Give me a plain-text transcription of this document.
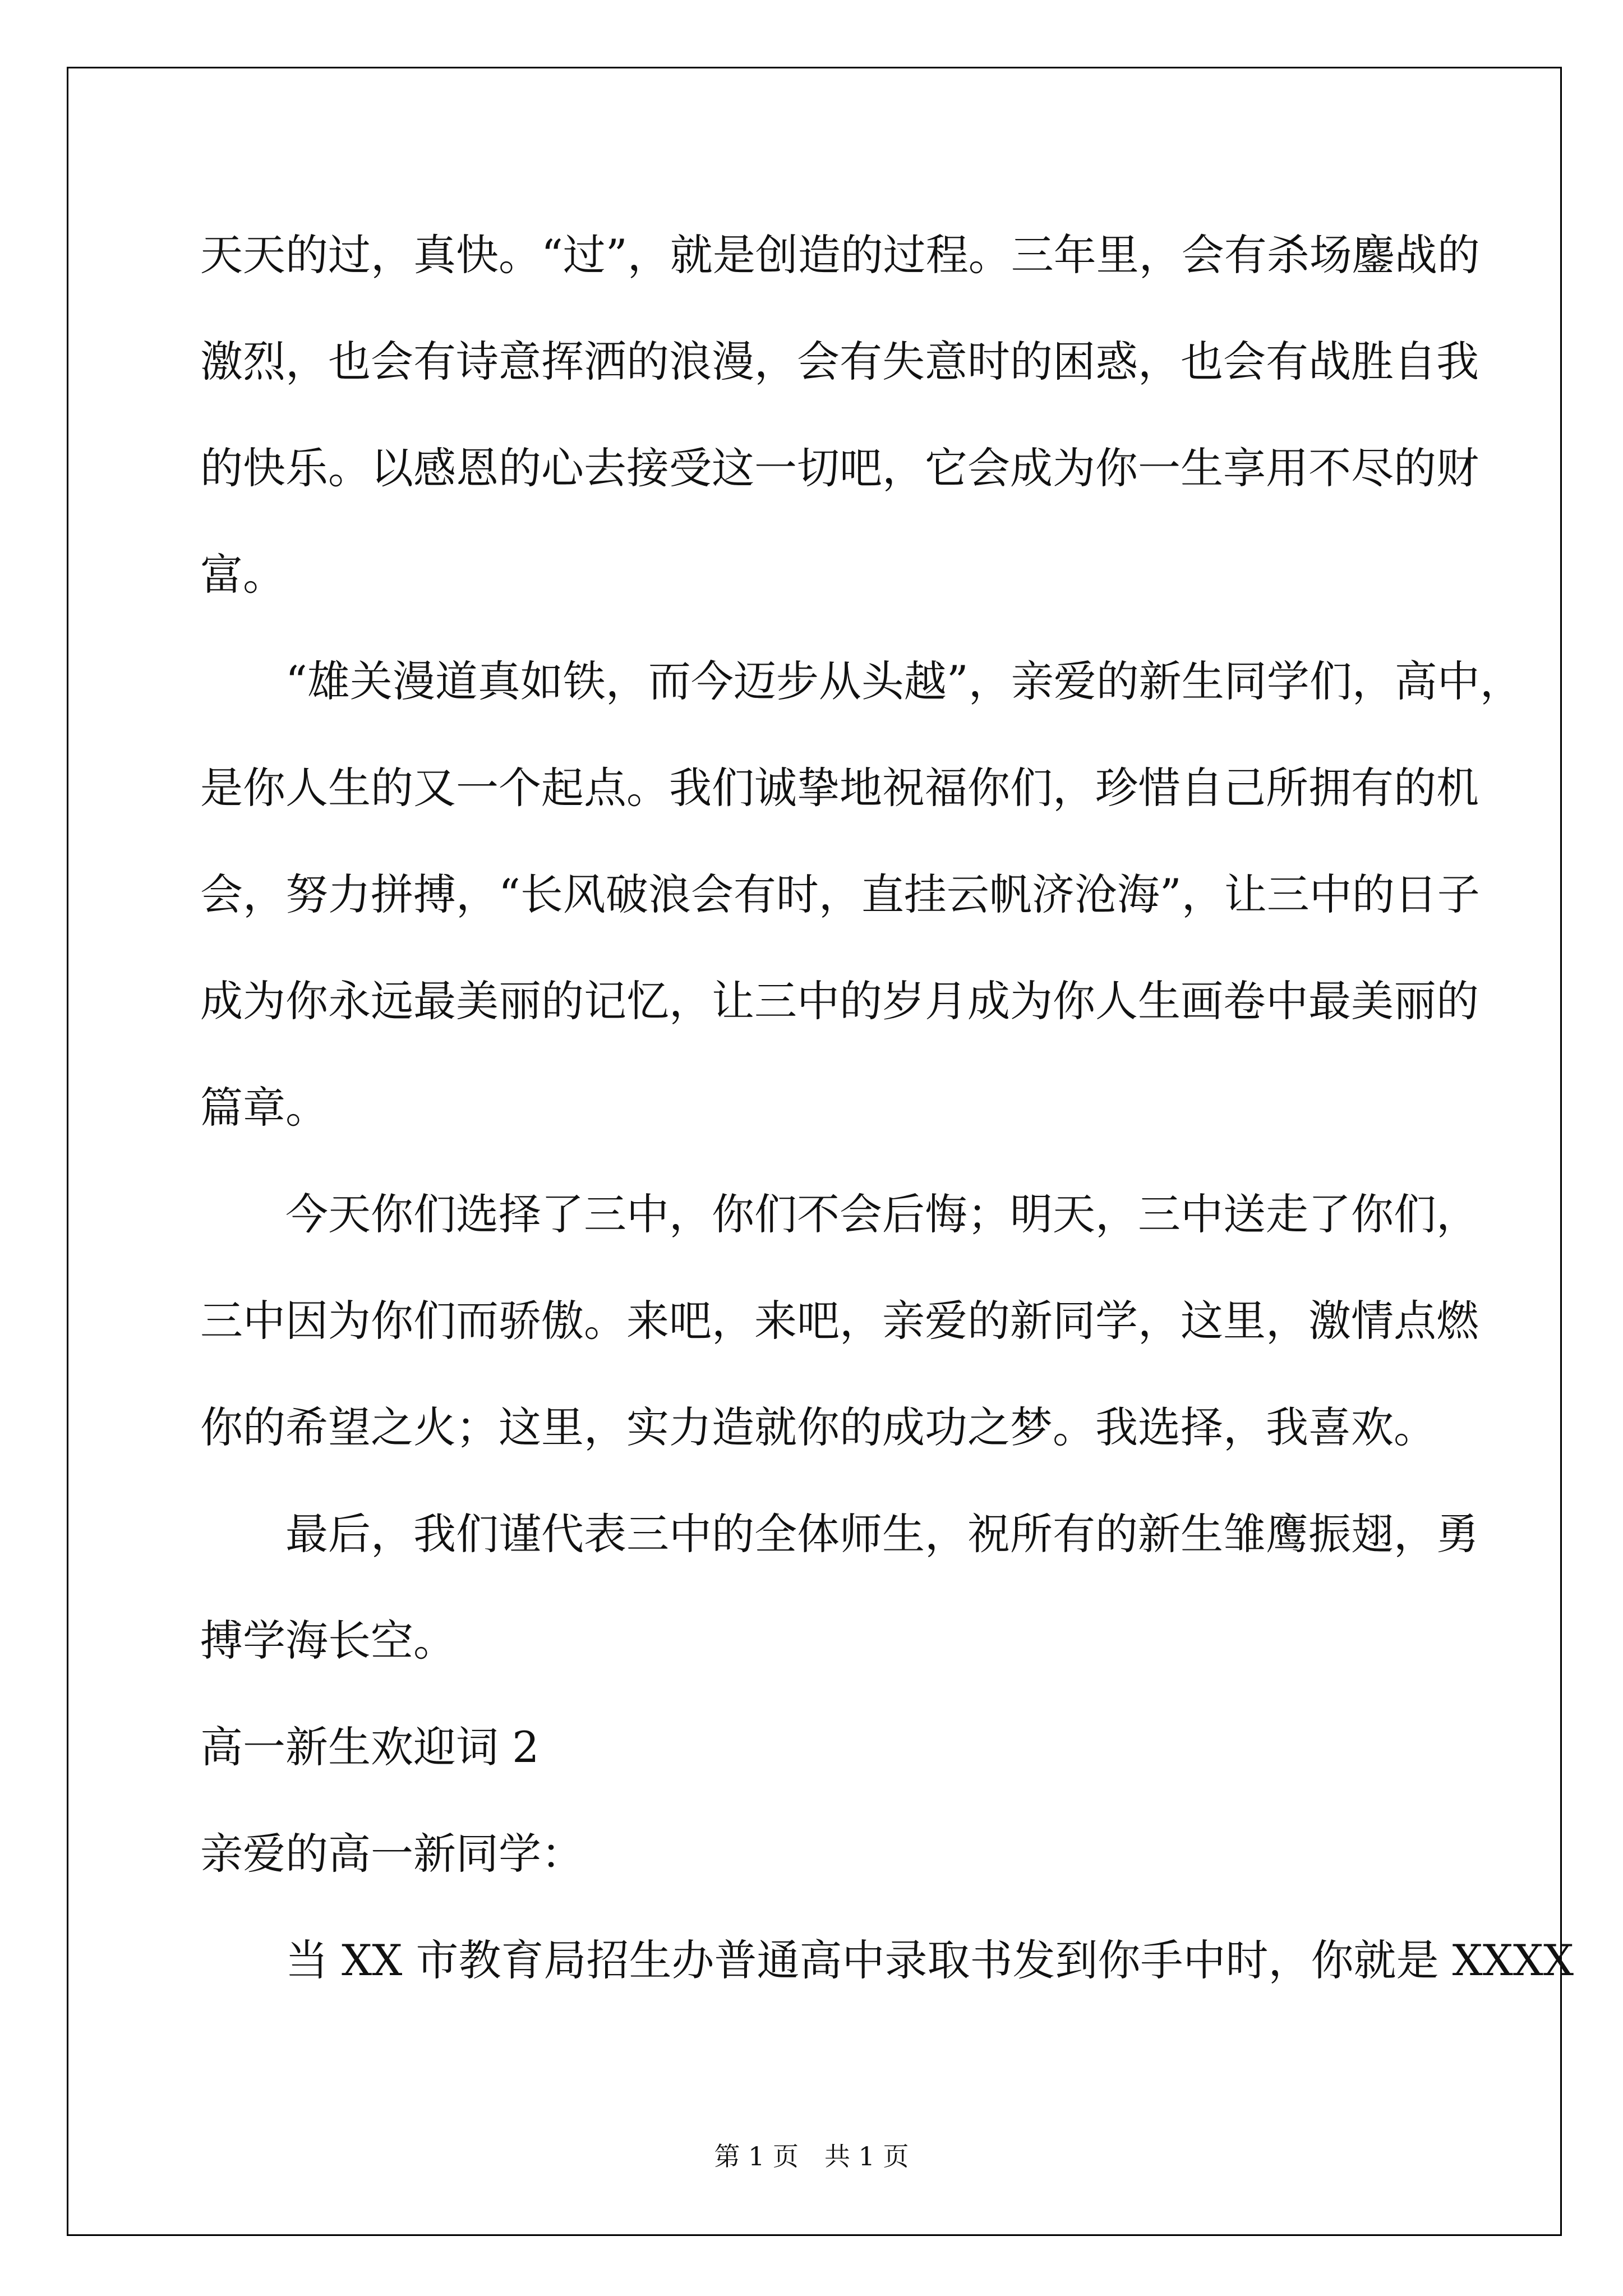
天天的过，真快。“过”，就是创造的过程。三年里，会有杀场鏖战的
激烈，也会有诗意挥洒的浪漫，会有失意时的困惑，也会有战胜自我
的快乐。以感恩的心去接受这一切吧，它会成为你一生享用不尽的财
富。

“雄关漫道真如铁，而今迈步从头越”，亲爱的新生同学们，高中，
是你人生的又一个起点。我们诚挚地祝福你们，珍惜自己所拥有的机
会，努力拼搏，“长风破浪会有时，直挂云帆济沧海”，让三中的日子
成为你永远最美丽的记忆，让三中的岁月成为你人生画卷中最美丽的
篇章。

今天你们选择了三中，你们不会后悔；明天，三中送走了你们，
三中因为你们而骄傲。来吧，来吧，亲爱的新同学，这里，激情点燃
你的希望之火；这里，实力造就你的成功之梦。我选择，我喜欢。

最后，我们谨代表三中的全体师生，祝所有的新生雏鹰振翅，勇
搏学海长空。

高一新生欢迎词 2

亲爱的高一新同学：

当 XX 市教育局招生办普通高中录取书发到你手中时，你就是 XXXX

第 1 页　共 1 页
